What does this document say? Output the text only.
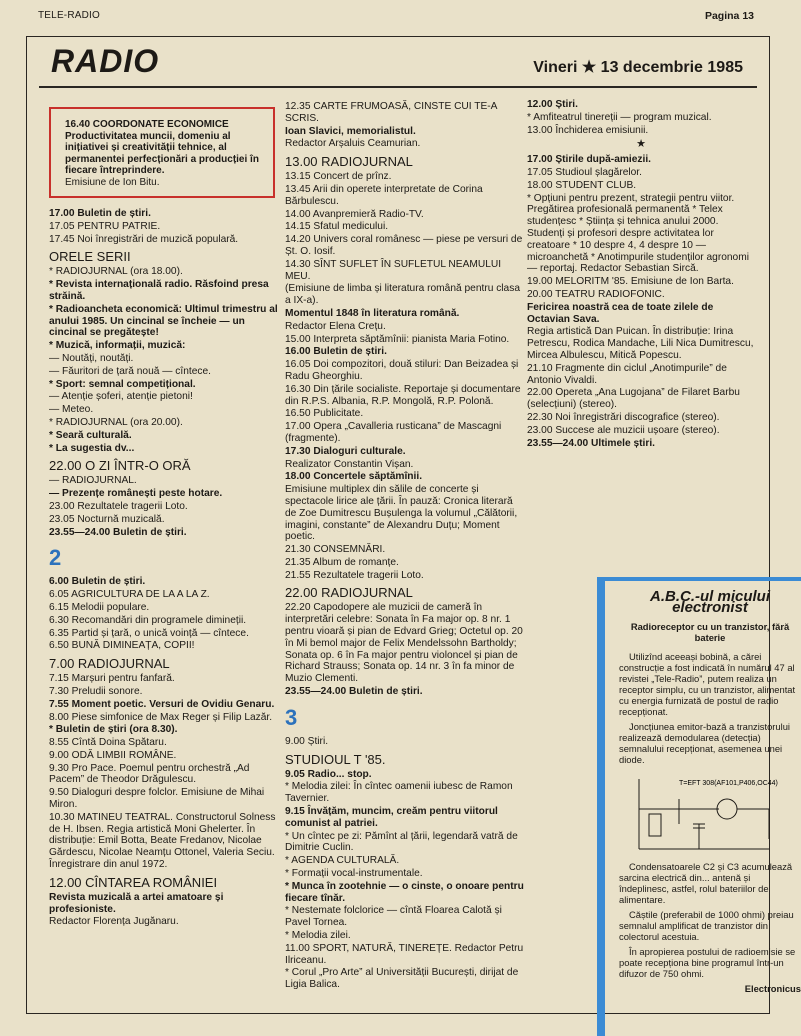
TELE-RADIO	Pagina 13
RADIO	Vineri ★ 13 decembrie 1985
16.40 COORDONATE ECONOMICE
Productivitatea muncii, domeniu al inițiativei și creativității tehnice, al permanentei perfecționări a producției în fiecare întreprindere.
Emisiune de Ion Bitu.
17.00 Buletin de știri.
17.05 PENTRU PATRIE.
17.45 Noi înregistrări de muzică populară.
ORELE SERII
* RADIOJURNAL (ora 18.00).
* Revista internațională radio. Răsfoind presa străină.
* Radioancheta economică: Ultimul trimestru al anului 1985. Un cincinal se încheie — un cincinal se pregătește!
* Muzică, informații, muzică:
— Noutăți, noutăți.
— Făuritori de țară nouă — cîntece.
* Sport: semnal competițional.
— Atenție șoferi, atenție pietoni!
— Meteo.
* RADIOJURNAL (ora 20.00).
* Seară culturală.
* La sugestia dv...
22.00 O ZI ÎNTR-O ORĂ
— RADIOJURNAL.
— Prezențe românești peste hotare.
23.00 Rezultatele tragerii Loto.
23.05 Nocturnă muzicală.
23.55—24.00 Buletin de știri.
2
6.00 Buletin de știri.
6.05 AGRICULTURA DE LA A LA Z.
6.15 Melodii populare.
6.30 Recomandări din programele dimineții.
6.35 Partid și țară, o unică voință — cîntece.
6.50 BUNĂ DIMINEAȚA, COPII!
7.00 RADIOJURNAL
7.15 Marșuri pentru fanfară.
7.30 Preludii sonore.
7.55 Moment poetic. Versuri de Ovidiu Genaru.
8.00 Piese simfonice de Max Reger și Filip Lazăr.
* Buletin de știri (ora 8.30).
8.55 Cîntă Doina Spătaru.
9.00 ODĂ LIMBII ROMÂNE.
9.30 Pro Pace. Poemul pentru orchestră „Ad Pacem” de Theodor Drăgulescu.
9.50 Dialoguri despre folclor. Emisiune de Mihai Miron.
10.30 MATINEU TEATRAL. Constructorul Solness de H. Ibsen. Regia artistică Moni Ghelerter. În distribuție: Emil Botta, Beate Fredanov, Nicolae Gărdescu, Nicolae Neamțu Ottonel, Valeria Seciu. Înregistrare din anul 1972.
12.00 CÎNTAREA ROMÂNIEI
Revista muzicală a artei amatoare și profesioniste.
Redactor Florența Jugănaru.
12.35 CARTE FRUMOASĂ, CINSTE CUI TE-A SCRIS.
Ioan Slavici, memorialistul.
Redactor Arșaluis Ceamurian.
13.00 RADIOJURNAL
13.15 Concert de prînz.
13.45 Arii din operete interpretate de Corina Bărbulescu.
14.00 Avanpremieră Radio-TV.
14.15 Sfatul medicului.
14.20 Univers coral românesc — piese pe versuri de Șt. O. Iosif.
14.30 SÎNT SUFLET ÎN SUFLETUL NEAMULUI MEU.
(Emisiune de limba și literatura română pentru clasa a IX-a).
Momentul 1848 în literatura română.
Redactor Elena Crețu.
15.00 Interpreta săptămînii: pianista Maria Fotino.
16.00 Buletin de știri.
16.05 Doi compozitori, două stiluri: Dan Beizadea și Radu Gheorghiu.
16.30 Din țările socialiste. Reportaje și documentare din R.P.S. Albania, R.P. Mongolă, R.P. Polonă.
16.50 Publicitate.
17.00 Opera „Cavalleria rusticana” de Mascagni (fragmente).
17.30 Dialoguri culturale.
Realizator Constantin Vișan.
18.00 Concertele săptămînii.
Emisiune multiplex din sălile de concerte și spectacole lirice ale țării. În pauză: Cronica literară de Zoe Dumitrescu Bușulenga la volumul „Călătorii, imagini, constante” de Alexandru Duțu; Moment poetic.
21.30 CONSEMNĂRI.
21.35 Album de romanțe.
21.55 Rezultatele tragerii Loto.
22.00 RADIOJURNAL
22.20 Capodopere ale muzicii de cameră în interpretări celebre: Sonata în Fa major op. 8 nr. 1 pentru vioară și pian de Edvard Grieg; Octetul op. 20 în Mi bemol major de Felix Mendelssohn Bartholdy; Sonata op. 6 în Fa major pentru violoncel și pian de Richard Strauss; Sonata op. 14 nr. 3 în fa minor de Muzio Clementi.
23.55—24.00 Buletin de știri.
3
9.00 Știri.
STUDIOUL T '85.
9.05 Radio... stop.
* Melodia zilei: În cîntec oamenii iubesc de Ramon Tavernier.
9.15 Învățăm, muncim, creăm pentru viitorul comunist al patriei.
* Un cîntec pe zi: Pămînt al țării, legendară vatră de Dimitrie Cuclin.
* AGENDA CULTURALĂ.
* Formații vocal-instrumentale.
* Munca în zootehnie — o cinste, o onoare pentru fiecare tînăr.
* Nestemate folclorice — cîntă Floarea Calotă și Pavel Tornea.
* Melodia zilei.
11.00 SPORT, NATURĂ, TINEREȚE. Redactor Petru Ilriceanu.
* Corul „Pro Arte” al Universității București, dirijat de Ligia Balica.
12.00 Știri.
* Amfiteatrul tinereții — program muzical.
13.00 Închiderea emisiunii.
★
17.00 Știrile după-amiezii.
17.05 Studioul șlagărelor.
18.00 STUDENT CLUB.
* Opțiuni pentru prezent, strategii pentru viitor. Pregătirea profesională permanentă * Telex studențesc * Știința și tehnica anului 2000. Studenți și profesori despre activitatea lor creatoare * 10 despre 4, 4 despre 10 — microanchetă * Anotimpurile studenților agronomi — reportaj. Redactor Sebastian Sircă.
19.00 MELORITM '85. Emisiune de Ion Barta.
20.00 TEATRU RADIOFONIC.
Fericirea noastră cea de toate zilele de Octavian Sava.
Regia artistică Dan Puican. În distribuție: Irina Petrescu, Rodica Mandache, Lili Nica Dumitrescu, Mircea Albulescu, Mitică Popescu.
21.10 Fragmente din ciclul „Anotimpurile” de Antonio Vivaldi.
22.00 Opereta „Ana Lugojana” de Filaret Barbu (selecțiuni) (stereo).
22.30 Noi înregistrări discografice (stereo).
23.00 Succese ale muzicii ușoare (stereo).
23.55—24.00 Ultimele știri.
A.B.C.-ul micului electronist
Radioreceptor cu un tranzistor, fără baterie

Utilizînd aceeași bobină, a cărei construcție a fost indicată în numărul 47 al revistei „Tele-Radio”, putem realiza un receptor simplu, cu un tranzistor, alimentat cu energia furnizată de postul de radio recepționat.

Joncțiunea emitor-bază a tranzistorului realizează demodularea (detecția) semnalului recepționat, asemenea unei diode.

T=EFT 308(AF101,P406,OC44)

Condensatoarele C2 și C3 acumulează sarcina electrică din... antenă și îndeplinesc, astfel, rolul bateriilor de alimentare.

Căștile (preferabil de 1000 ohmi) preiau semnalul amplificat de tranzistor din colectorul acestuia.

În apropierea postului de radioemisie se poate recepționa bine programul într-un difuzor de 750 ohmi.

Electronicus
